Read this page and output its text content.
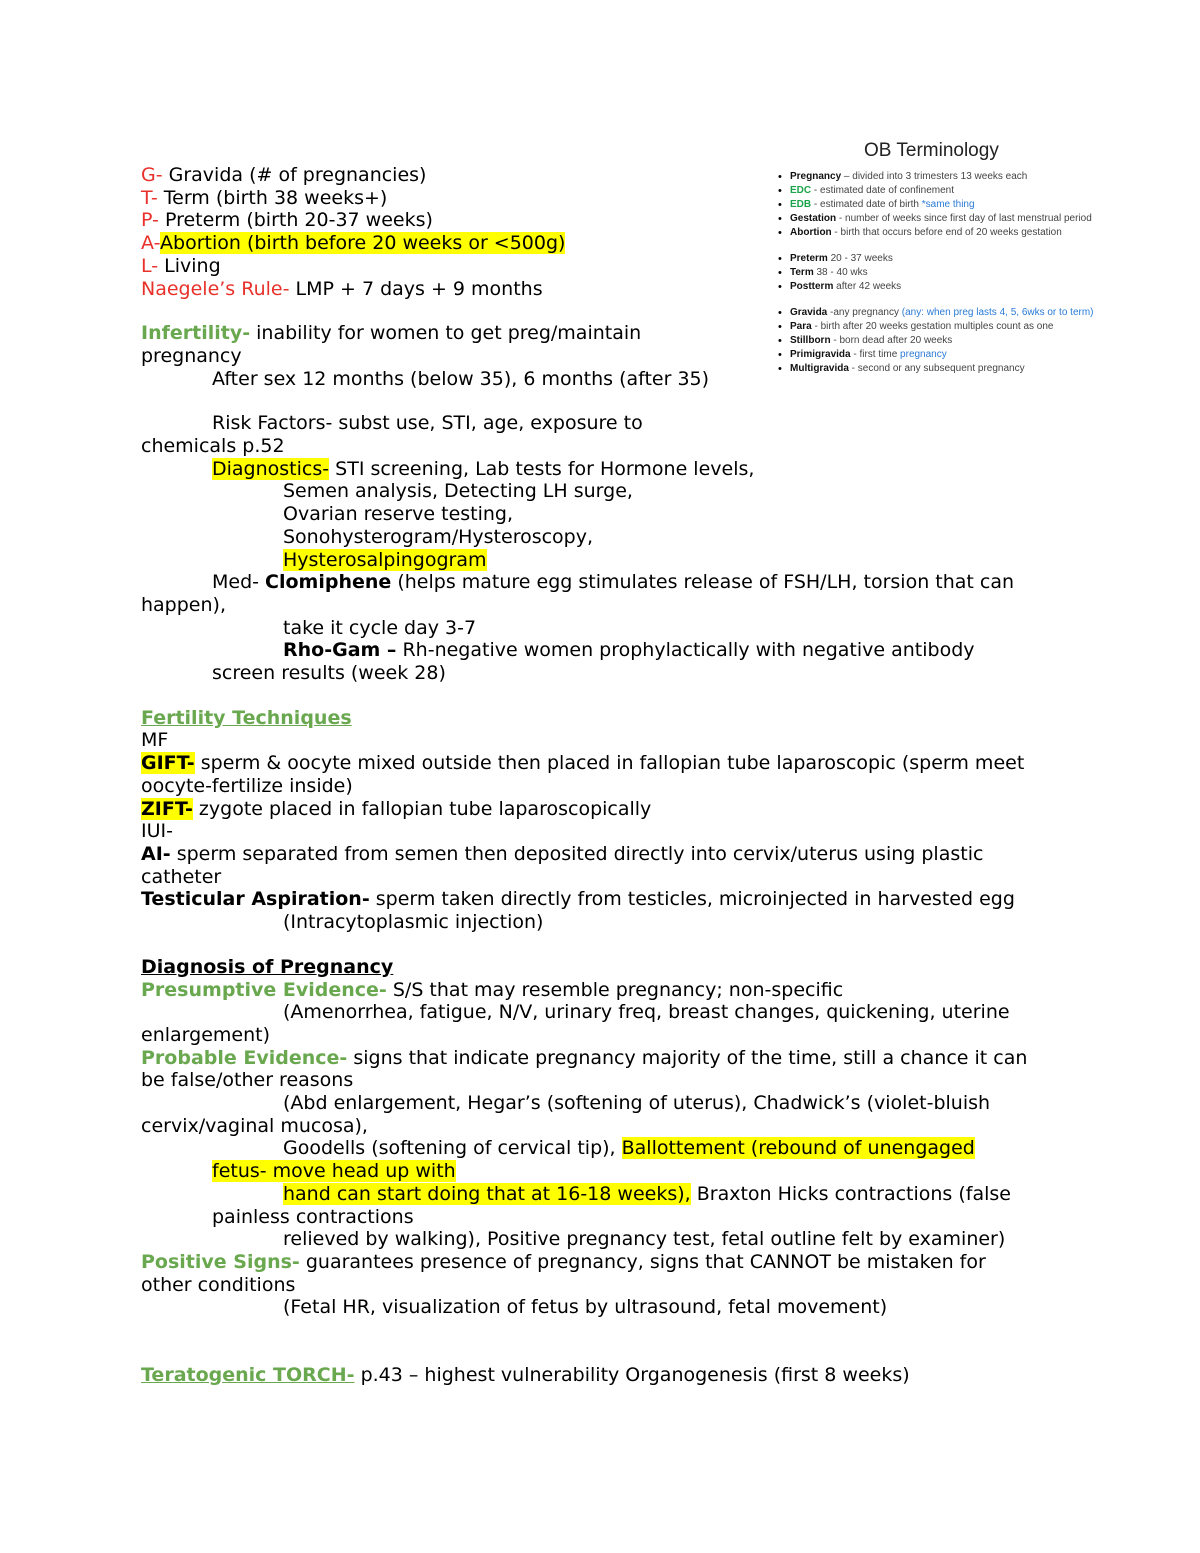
OB Terminology
• Pregnancy – divided into 3 trimesters 13 weeks each
• EDC - estimated date of confinement
• EDB - estimated date of birth *same thing
• Gestation - number of weeks since first day of last menstrual period
• Abortion - birth that occurs before end of 20 weeks gestation
• Preterm 20 - 37 weeks
• Term 38 - 40 wks
• Postterm after 42 weeks
• Gravida -any pregnancy (any: when preg lasts 4, 5, 6wks or to term)
• Para - birth after 20 weeks gestation multiples count as one
• Stillborn - born dead after 20 weeks
• Primigravida - first time pregnancy
• Multigravida - second or any subsequent pregnancy

G- Gravida (# of pregnancies)

T- Term (birth 38 weeks+)

P- Preterm (birth 20-37 weeks)

A-Abortion (birth before 20 weeks or <500g)

L- Living

Naegele’s Rule- LMP + 7 days + 9 months

Infertility- inability for women to get preg/maintain

pregnancy

After sex 12 months (below 35), 6 months (after 35)

Risk Factors- subst use, STI, age, exposure to

chemicals p.52

Diagnostics- STI screening, Lab tests for Hormone levels,

Semen analysis, Detecting LH surge,

Ovarian reserve testing,

Sonohysterogram/Hysteroscopy,

Hysterosalpingogram

Med- Clomiphene (helps mature egg stimulates release of FSH/LH, torsion that can

happen),

take it cycle day 3-7

Rho-Gam – Rh-negative women prophylactically with negative antibody

screen results (week 28)

Fertility Techniques

MF

GIFT- sperm & oocyte mixed outside then placed in fallopian tube laparoscopic (sperm meet

oocyte-fertilize inside)

ZIFT- zygote placed in fallopian tube laparoscopically

IUI-

AI- sperm separated from semen then deposited directly into cervix/uterus using plastic

catheter

Testicular Aspiration- sperm taken directly from testicles, microinjected in harvested egg

(Intracytoplasmic injection)

Diagnosis of Pregnancy

Presumptive Evidence- S/S that may resemble pregnancy; non-specific

(Amenorrhea, fatigue, N/V, urinary freq, breast changes, quickening, uterine

enlargement)

Probable Evidence- signs that indicate pregnancy majority of the time, still a chance it can

be false/other reasons

(Abd enlargement, Hegar’s (softening of uterus), Chadwick’s (violet-bluish

cervix/vaginal mucosa),

Goodells (softening of cervical tip), Ballottement (rebound of unengaged

fetus- move head up with

hand can start doing that at 16-18 weeks), Braxton Hicks contractions (false

painless contractions

relieved by walking), Positive pregnancy test, fetal outline felt by examiner)

Positive Signs- guarantees presence of pregnancy, signs that CANNOT be mistaken for

other conditions

(Fetal HR, visualization of fetus by ultrasound, fetal movement)

Teratogenic TORCH- p.43 – highest vulnerability Organogenesis (first 8 weeks)
